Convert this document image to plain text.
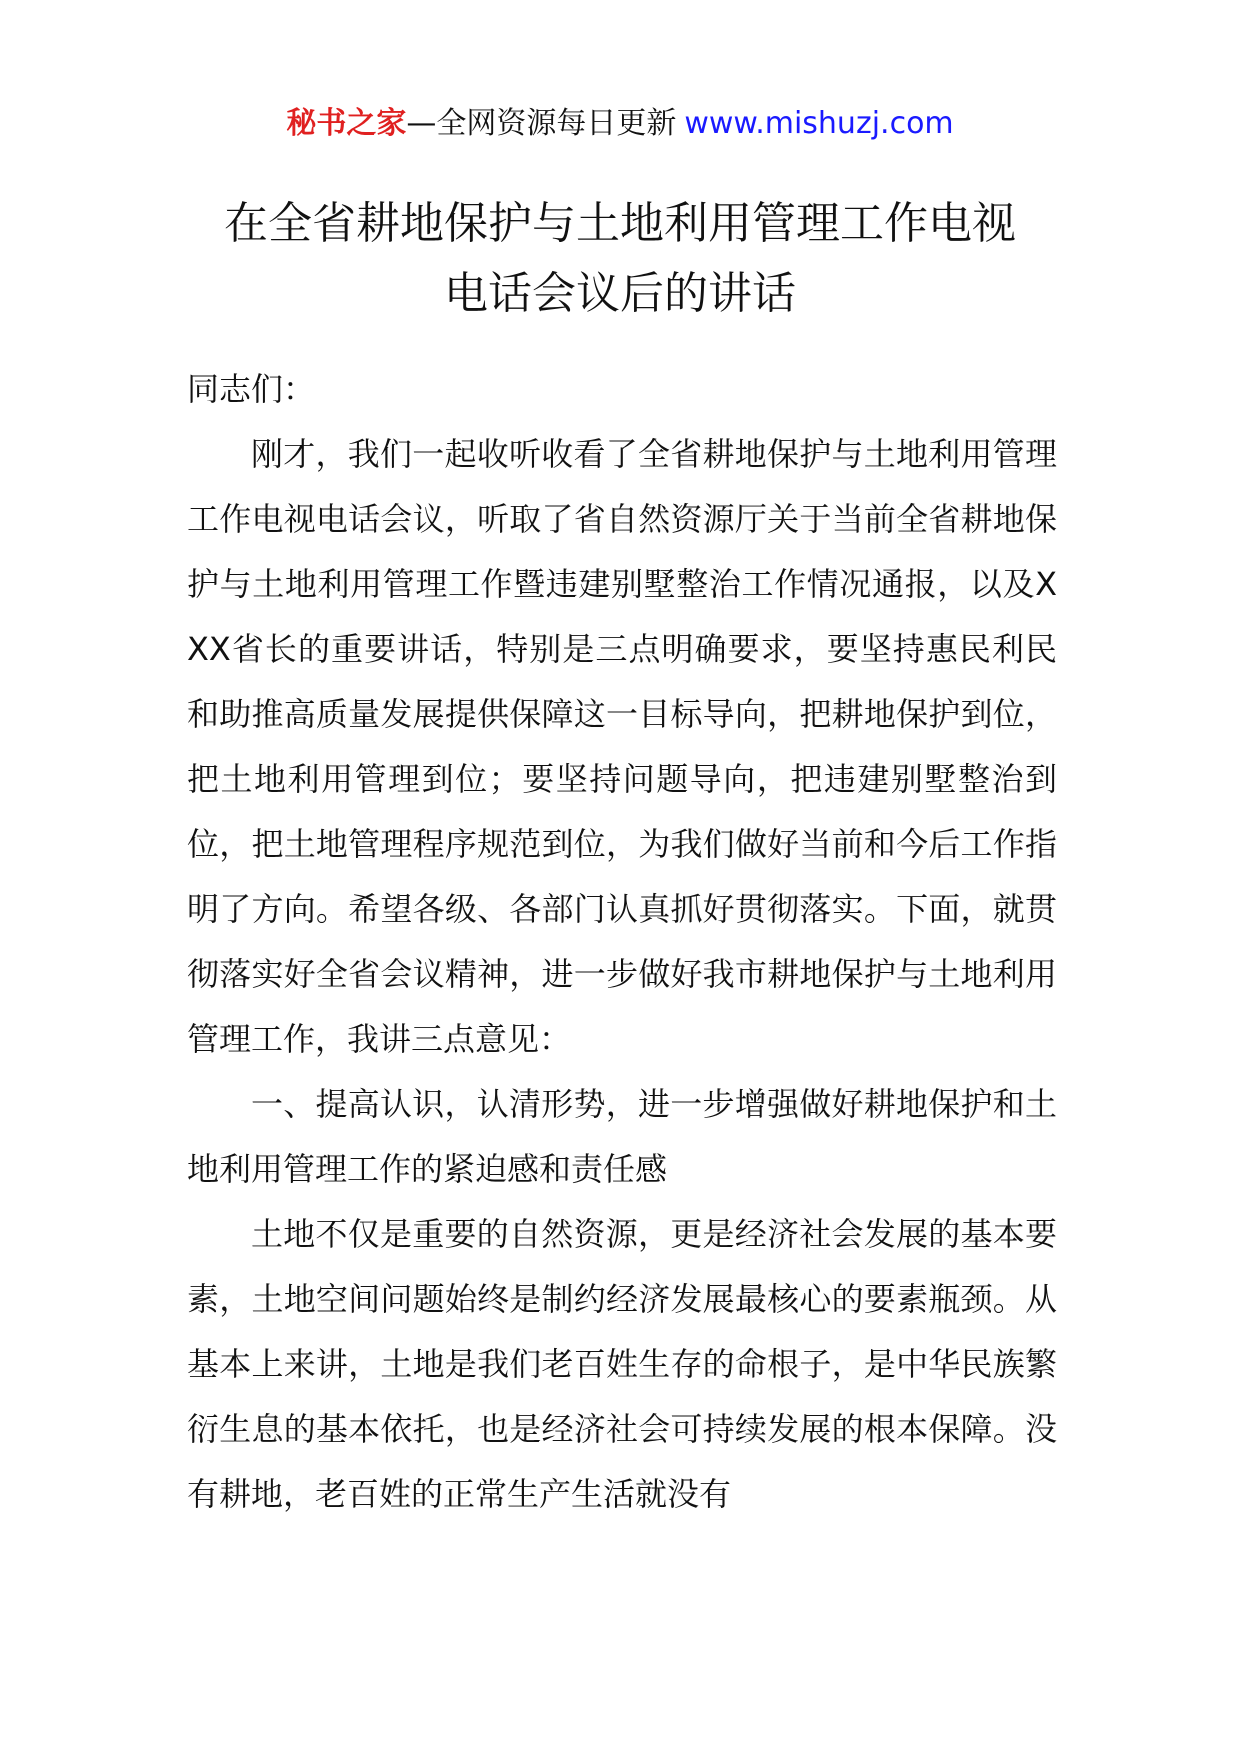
秘书之家—全网资源每日更新 www.mishuzj.com
在全省耕地保护与土地利用管理工作电视
电话会议后的讲话

同志们：

刚才，我们一起收听收看了全省耕地保护与土地利用管理工作电视电话会议，听取了省自然资源厅关于当前全省耕地保护与土地利用管理工作暨违建别墅整治工作情况通报，以及XXX省长的重要讲话，特别是三点明确要求，要坚持惠民利民和助推高质量发展提供保障这一目标导向，把耕地保护到位，把土地利用管理到位；要坚持问题导向，把违建别墅整治到位，把土地管理程序规范到位，为我们做好当前和今后工作指明了方向。希望各级、各部门认真抓好贯彻落实。下面，就贯彻落实好全省会议精神，进一步做好我市耕地保护与土地利用管理工作，我讲三点意见：

一、提高认识，认清形势，进一步增强做好耕地保护和土地利用管理工作的紧迫感和责任感

土地不仅是重要的自然资源，更是经济社会发展的基本要素，土地空间问题始终是制约经济发展最核心的要素瓶颈。从基本上来讲，土地是我们老百姓生存的命根子，是中华民族繁衍生息的基本依托，也是经济社会可持续发展的根本保障。没有耕地，老百姓的正常生产生活就没有
